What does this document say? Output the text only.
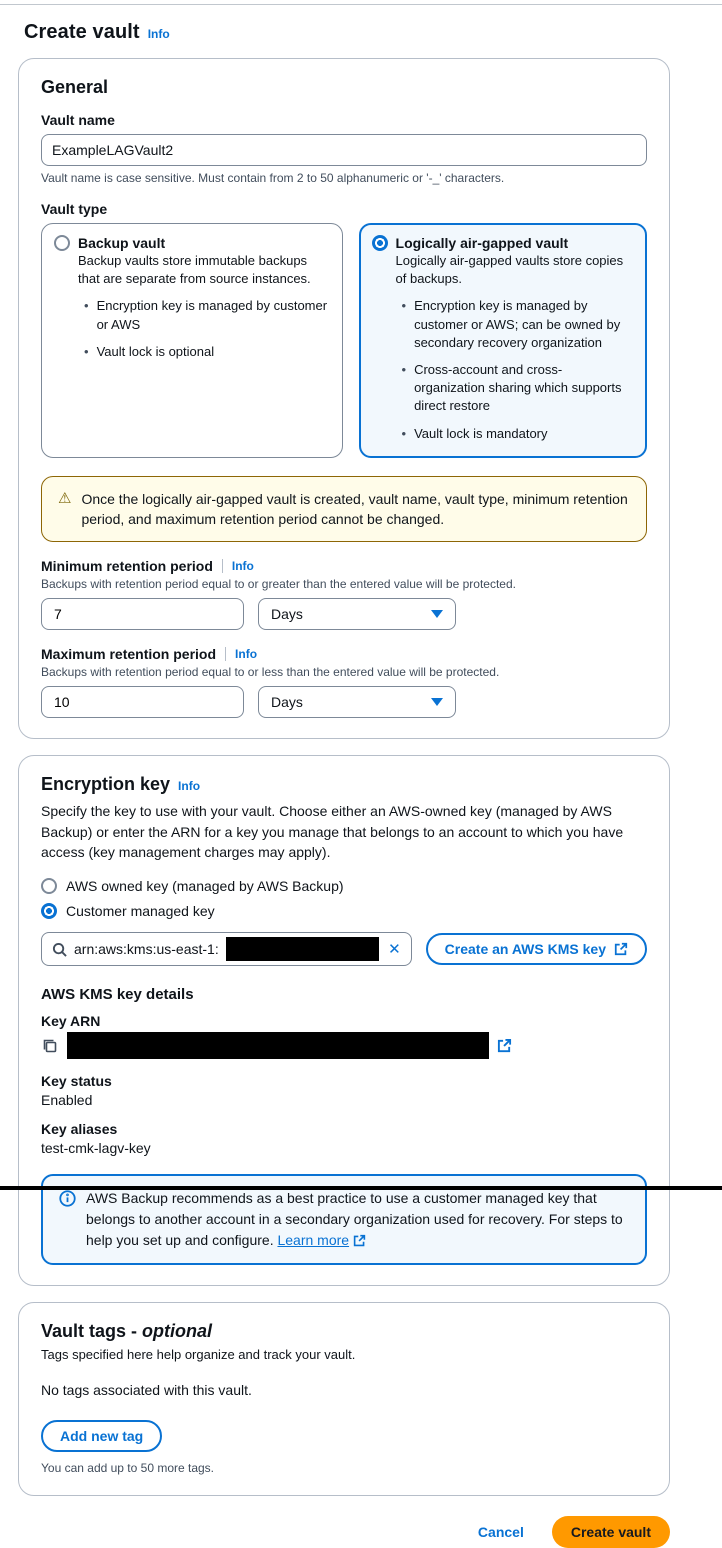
Create vault Info
General
Vault name
ExampleLAGVault2
Vault name is case sensitive. Must contain from 2 to 50 alphanumeric or '-_' characters.
Vault type
Backup vault
Backup vaults store immutable backups that are separate from source instances.
• Encryption key is managed by customer or AWS
• Vault lock is optional
Logically air-gapped vault
Logically air-gapped vaults store copies of backups.
• Encryption key is managed by customer or AWS; can be owned by secondary recovery organization
• Cross-account and cross-organization sharing which supports direct restore
• Vault lock is mandatory
⚠ Once the logically air-gapped vault is created, vault name, vault type, minimum retention period, and maximum retention period cannot be changed.
Minimum retention period Info
Backups with retention period equal to or greater than the entered value will be protected.
7
Days
Maximum retention period Info
Backups with retention period equal to or less than the entered value will be protected.
10
Days
Encryption key Info

Specify the key to use with your vault. Choose either an AWS-owned key (managed by AWS Backup) or enter the ARN for a key you manage that belongs to an account to which you have access (key management charges may apply).

AWS owned key (managed by AWS Backup)
Customer managed key
arn:aws:kms:us-east-1:	✕	Create an AWS KMS key
AWS KMS key details
Key ARN
Key status
Enabled
Key aliases
test-cmk-lagv-key
AWS Backup recommends as a best practice to use a customer managed key that belongs to another account in a secondary organization used for recovery. For steps to help you set up and configure. Learn more
Vault tags - optional
Tags specified here help organize and track your vault.
No tags associated with this vault.
Add new tag
You can add up to 50 more tags.
Cancel	Create vault
